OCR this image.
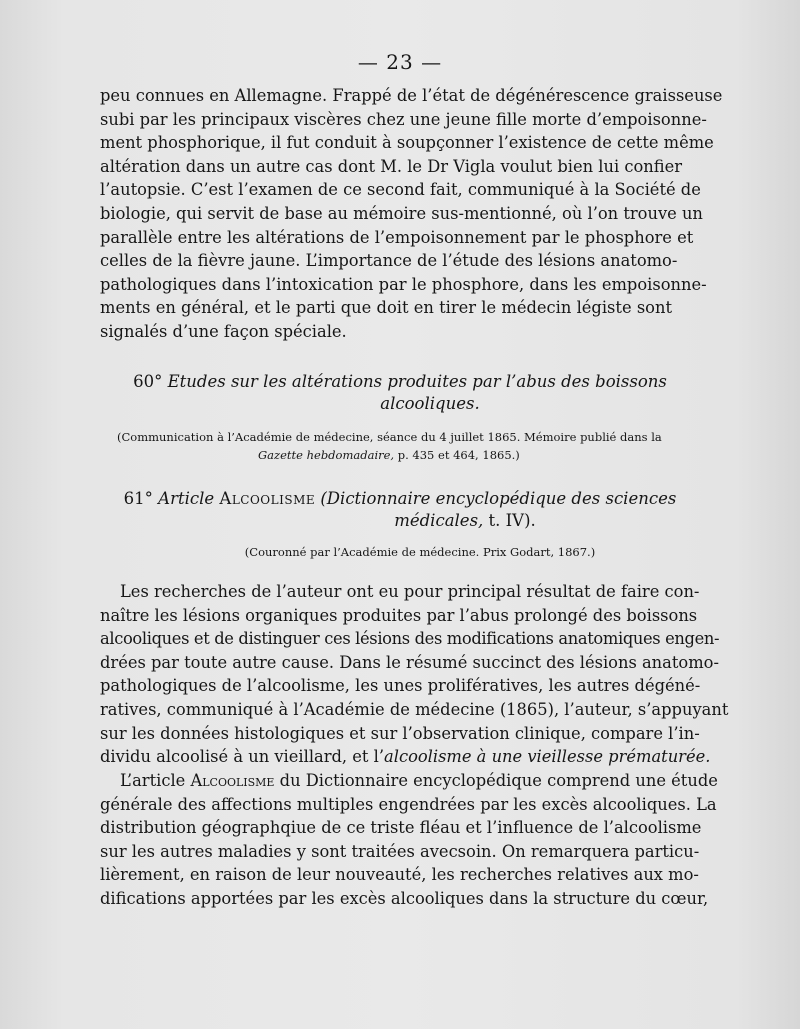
— 23 —
peu connues en Allemagne. Frappé de l’état de dégénérescence graisseuse
subi par les principaux viscères chez une jeune fille morte d’empoisonne-
ment phosphorique, il fut conduit à soupçonner l’existence de cette même
altération dans un autre cas dont M. le Dr Vigla voulut bien lui confier
l’autopsie. C’est l’examen de ce second fait, communiqué à la Société de
biologie, qui servit de base au mémoire sus-mentionné, où l’on trouve un
parallèle entre les altérations de l’empoisonnement par le phosphore et
celles de la fièvre jaune. L’importance de l’étude des lésions anatomo-
pathologiques dans l’intoxication par le phosphore, dans les empoisonne-
ments en général, et le parti que doit en tirer le médecin légiste sont
signalés d’une façon spéciale.
60° Etudes sur les altérations produites par l’abus des boissons
alcooliques.
(Communication à l’Académie de médecine, séance du 4 juillet 1865. Mémoire publié dans la
Gazette hebdomadaire, p. 435 et 464, 1865.)
61° Article Alcoolisme (Dictionnaire encyclopédique des sciences
médicales, t. IV).
(Couronné par l’Académie de médecine. Prix Godart, 1867.)
Les recherches de l’auteur ont eu pour principal résultat de faire con-
naître les lésions organiques produites par l’abus prolongé des boissons
alcooliques et de distinguer ces lésions des modifications anatomiques engen-
drées par toute autre cause. Dans le résumé succinct des lésions anatomo-
pathologiques de l’alcoolisme, les unes prolifératives, les autres dégéné-
ratives, communiqué à l’Académie de médecine (1865), l’auteur, s’appuyant
sur les données histologiques et sur l’observation clinique, compare l’in-
dividu alcoolisé à un vieillard, et l’alcoolisme à une vieillesse prématurée.
L’article Alcoolisme du Dictionnaire encyclopédique comprend une étude
générale des affections multiples engendrées par les excès alcooliques. La
distribution géographqiue de ce triste fléau et l’influence de l’alcoolisme
sur les autres maladies y sont traitées avecsoin. On remarquera particu-
lièrement, en raison de leur nouveauté, les recherches relatives aux mo-
difications apportées par les excès alcooliques dans la structure du cœur,
